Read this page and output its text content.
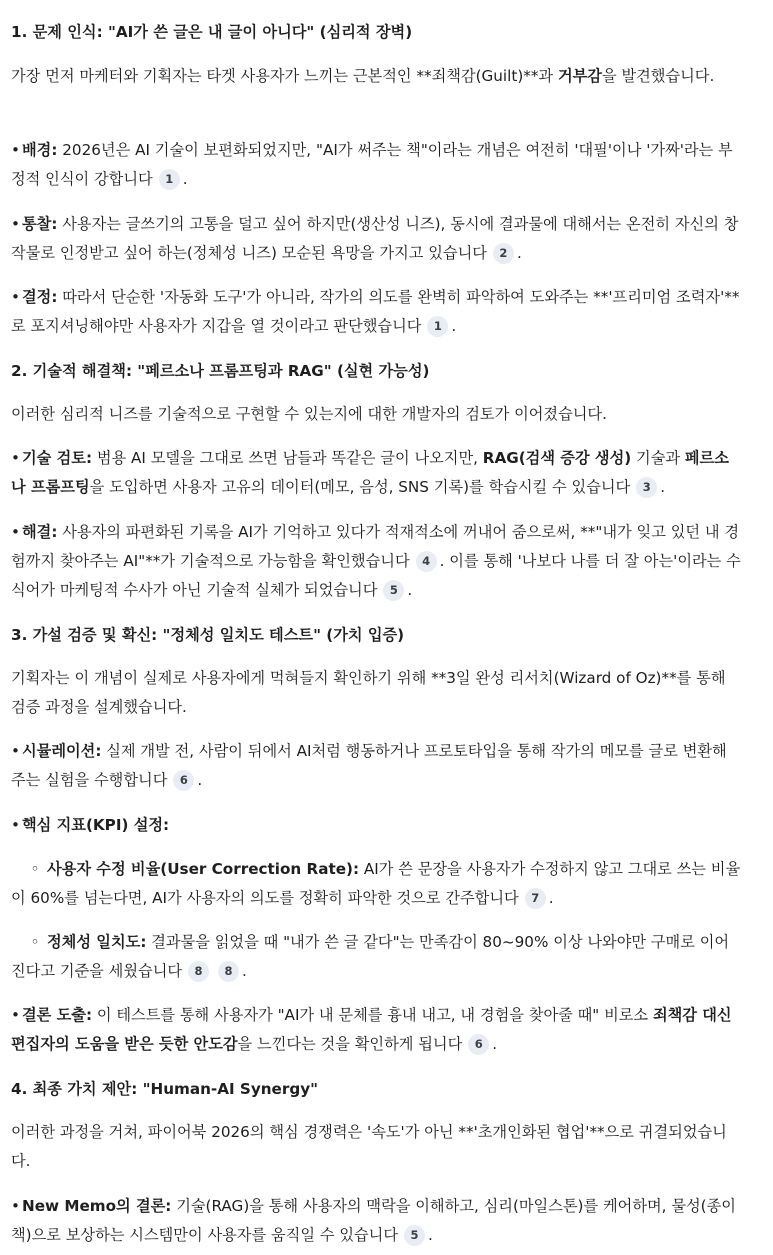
1. 문제 인식: "AI가 쓴 글은 내 글이 아니다" (심리적 장벽)

가장 먼저 마케터와 기획자는 타겟 사용자가 느끼는 근본적인 **죄책감(Guilt)**과 거부감을 발견했습니다.

• 배경: 2026년은 AI 기술이 보편화되었지만, "AI가 써주는 책"이라는 개념은 여전히 '대필'이나 '가짜'라는 부정적 인식이 강합니다 1 .

• 통찰: 사용자는 글쓰기의 고통을 덜고 싶어 하지만(생산성 니즈), 동시에 결과물에 대해서는 온전히 자신의 창작물로 인정받고 싶어 하는(정체성 니즈) 모순된 욕망을 가지고 있습니다 2 .

• 결정: 따라서 단순한 '자동화 도구'가 아니라, 작가의 의도를 완벽히 파악하여 도와주는 **'프리미엄 조력자'**로 포지셔닝해야만 사용자가 지갑을 열 것이라고 판단했습니다 1 .

2. 기술적 해결책: "페르소나 프롬프팅과 RAG" (실현 가능성)

이러한 심리적 니즈를 기술적으로 구현할 수 있는지에 대한 개발자의 검토가 이어졌습니다.

• 기술 검토: 범용 AI 모델을 그대로 쓰면 남들과 똑같은 글이 나오지만, RAG(검색 증강 생성) 기술과 페르소나 프롬프팅을 도입하면 사용자 고유의 데이터(메모, 음성, SNS 기록)를 학습시킬 수 있습니다 3 .

• 해결: 사용자의 파편화된 기록을 AI가 기억하고 있다가 적재적소에 꺼내어 줌으로써, **"내가 잊고 있던 내 경험까지 찾아주는 AI"**가 기술적으로 가능함을 확인했습니다 4 . 이를 통해 '나보다 나를 더 잘 아는'이라는 수식어가 마케팅적 수사가 아닌 기술적 실체가 되었습니다 5 .

3. 가설 검증 및 확신: "정체성 일치도 테스트" (가치 입증)

기획자는 이 개념이 실제로 사용자에게 먹혀들지 확인하기 위해 **3일 완성 리서치(Wizard of Oz)**를 통해 검증 과정을 설계했습니다.

• 시뮬레이션: 실제 개발 전, 사람이 뒤에서 AI처럼 행동하거나 프로토타입을 통해 작가의 메모를 글로 변환해 주는 실험을 수행합니다 6 .

• 핵심 지표(KPI) 설정:

◦ 사용자 수정 비율(User Correction Rate): AI가 쓴 문장을 사용자가 수정하지 않고 그대로 쓰는 비율이 60%를 넘는다면, AI가 사용자의 의도를 정확히 파악한 것으로 간주합니다 7 .

◦ 정체성 일치도: 결과물을 읽었을 때 "내가 쓴 글 같다"는 만족감이 80~90% 이상 나와야만 구매로 이어진다고 기준을 세웠습니다 8 8 .

• 결론 도출: 이 테스트를 통해 사용자가 "AI가 내 문체를 흉내 내고, 내 경험을 찾아줄 때" 비로소 죄책감 대신 편집자의 도움을 받은 듯한 안도감을 느낀다는 것을 확인하게 됩니다 6 .

4. 최종 가치 제안: "Human-AI Synergy"

이러한 과정을 거쳐, 파이어북 2026의 핵심 경쟁력은 '속도'가 아닌 **'초개인화된 협업'**으로 귀결되었습니다.

• New Memo의 결론: 기술(RAG)을 통해 사용자의 맥락을 이해하고, 심리(마일스톤)를 케어하며, 물성(종이책)으로 보상하는 시스템만이 사용자를 움직일 수 있습니다 5 .
